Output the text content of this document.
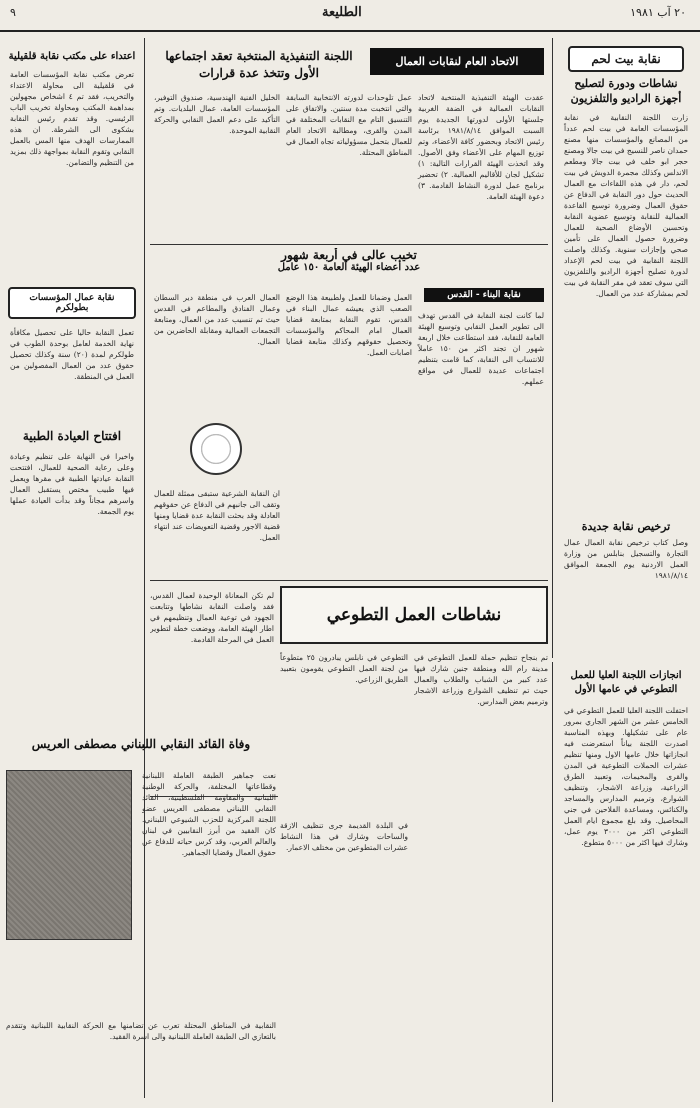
٩	الطليعة	٢٠ آب ١٩٨١
نقابة بيت لحم
نشاطات ودورة لتصليح أجهزة الراديو والتلفزيون
زارت اللجنة النقابية في نقابة المؤسسات العامة في بيت لحم عدداً من المصانع والمؤسسات منها مصنع حمدان ناصر للنسيج في بيت جالا ومصنع حجر ابو خلف في بيت جالا ومطعم الاندلس وكذلك مجمرة الدويش في بيت لحم، دار في هذه اللقاءات مع العمال الحديث حول دور النقابة في الدفاع عن حقوق العمال وضرورة توسيع القاعدة العمالية للنقابة وتوسيع عضوية النقابة وتحسين الأوضاع الصحية للعمال وضرورة حصول العمال على تأمين صحي وإجازات سنوية. وكذلك واصلت اللجنة النقابية في بيت لحم الإعداد لدورة تصليح أجهزة الراديو والتلفزيون التي سوف تعقد في مقر النقابة في بيت لحم بمشاركة عدد من العمال.
ترخيص نقابة جديدة
وصل كتاب ترخيص نقابة العمال عمال التجارة والتسجيل بنابلس من وزارة العمل الاردنية يوم الجمعة الموافق ١٩٨١/٨/١٤
اعتداء على مكتب نقابة قلقيلية
تعرض مكتب نقابة المؤسسات العامة في قلقيلية الى محاولة الاعتداء والتخريب، فقد تم ٤ اشخاص مجهولين بمداهمة المكتب ومحاولة تخريب الباب الرئيسي. وقد تقدم رئيس النقابة بشكوى الى الشرطة. ان هذه الممارسات الهدف منها المس بالعمل النقابي وتقوم النقابة بمواجهة ذلك بمزيد من التنظيم والتضامن.
نقابة عمال المؤسسات بطولكرم
تعمل النقابة حاليا على تحصيل مكافأة نهاية الخدمة لعامل بوحدة الطوب في طولكرم لمدة (٢٠) سنة وكذلك تحصيل حقوق عدد من العمال المفصولين من العمل في المنطقة.
افتتاح العيادة الطبية
واخيرا في النهاية على تنظيم وعيادة وعلى رعاية الصحية للعمال، افتتحت النقابة عيادتها الطبية في مقرها ويعمل فيها طبيب مختص يستقبل العمال واسرهم مجاناً وقد بدأت العيادة عملها يوم الجمعة.
الاتحاد العام لنقابات العمال
اللجنة التنفيذية المنتخبة تعقد اجتماعها الأول وتتخذ عدة قرارات
عقدت الهيئة التنفيذية المنتخبة لاتحاد النقابات العمالية في الضفة الغربية جلستها الأولى لدورتها الجديدة يوم السبت الموافق ١٩٨١/٨/١٤ برئاسة رئيس الاتحاد وبحضور كافة الأعضاء، وتم توزيع المهام على الأعضاء وفق الأصول. وقد اتخذت الهيئة القرارات التالية: ١) تشكيل لجان للأقاليم العمالية. ٢) تحضير برنامج عمل لدورة النشاط القادمة. ٣) دعوة الهيئة العامة.
عمل تلوحدات لدورته الانتخابية السابقة والتي انتخبت مدة سنتين. والاتفاق على التنسيق التام مع النقابات المختلفة في المدن والقرى، ومطالبة الاتحاد العام للعمال بتحمل مسؤولياته تجاه العمال في المناطق المحتلة.
الخليل الفنية الهندسية، صندوق التوفير، المؤسسات العامة، عمال البلديات. وتم التأكيد على دعم العمل النقابي والحركة النقابية الموحدة.
تخيب عالى في أربعة شهور
عدد أعضاء الهيئة العامة ١٥٠ عامل
نقابة البناء - القدس
لما كانت لجنة النقابة في القدس تهدف الى تطوير العمل النقابي وتوسيع الهيئة العامة للنقابة، فقد استطاعت خلال اربعة شهور ان تجند اكثر من ١٥٠ عاملاً للانتساب الى النقابة، كما قامت بتنظيم اجتماعات عديدة للعمال في مواقع عملهم.
العمل وضمانا للعمل ولطبيعة هذا الوضع الصعب الذي يعيشه عمال البناء في القدس، تقوم النقابة بمتابعة قضايا العمال امام المحاكم والمؤسسات وتحصيل حقوقهم وكذلك متابعة قضايا اصابات العمل.
العمال العرب في منطقة دير السطان وعمال الفنادق والمطاعم في القدس حيث تم تنسيب عدد من العمال، ومتابعة التجمعات العمالية ومقابلة الحاضرين من العمال.
ان النقابة الشرعية ستبقى ممثلة للعمال وتقف الى جانبهم في الدفاع عن حقوقهم العادلة وقد بحثت النقابة عدة قضايا ومنها قضية الاجور وقضية التعويضات عند انتهاء العمل.
نشاطات العمل التطوعي
لم تكن المعاناة الوحيدة لعمال القدس، فقد واصلت النقابة نشاطها وتتابعت الجهود في توعية العمال وتنظيمهم في اطار الهيئة العامة، ووضعت خطة لتطوير العمل في المرحلة القادمة.
تم بنجاح تنظيم حملة للعمل التطوعي في مدينة رام الله ومنطقة جنين شارك فيها عدد كبير من الشباب والطلاب والعمال حيث تم تنظيف الشوارع وزراعة الاشجار وترميم بعض المدارس.
التطوعي في نابلس يبادرون ٢٥ متطوعاً من لجنة العمل التطوعي يقومون بتعبيد الطريق الزراعي.
في البلدة القديمة جرى تنظيف الازقة والساحات وشارك في هذا النشاط عشرات المتطوعين من مختلف الاعمار.
انجازات اللجنة العليا للعمل التطوعي في عامها الأول
احتفلت اللجنة العليا للعمل التطوعي في الخامس عشر من الشهر الجاري بمرور عام على تشكيلها. وبهذه المناسبة اصدرت اللجنة بياناً استعرضت فيه انجازاتها خلال عامها الاول ومنها تنظيم عشرات الحملات التطوعية في المدن والقرى والمخيمات، وتعبيد الطرق الزراعية، وزراعة الاشجار، وتنظيف الشوارع، وترميم المدارس والمساجد والكنائس، ومساعدة الفلاحين في جني المحاصيل. وقد بلغ مجموع ايام العمل التطوعي اكثر من ٣٠٠٠ يوم عمل، وشارك فيها اكثر من ٥٠٠٠ متطوع.
وفاة القائد النقابي اللبناني مصطفى العريس
نعت جماهير الطبقة العاملة اللبنانية وقطاعاتها المختلفة، والحركة الوطنية اللبنانية والمقاومة الفلسطينية، القائد النقابي اللبناني مصطفى العريس عضو اللجنة المركزية للحزب الشيوعي اللبناني. كان الفقيد من أبرز النقابيين في لبنان والعالم العربي، وقد كرس حياته للدفاع عن حقوق العمال وقضايا الجماهير.
النقابية في المناطق المحتلة تعرب عن تضامنها مع الحركة النقابية اللبنانية وتتقدم بالتعازي الى الطبقة العاملة اللبنانية والى اسرة الفقيد.
